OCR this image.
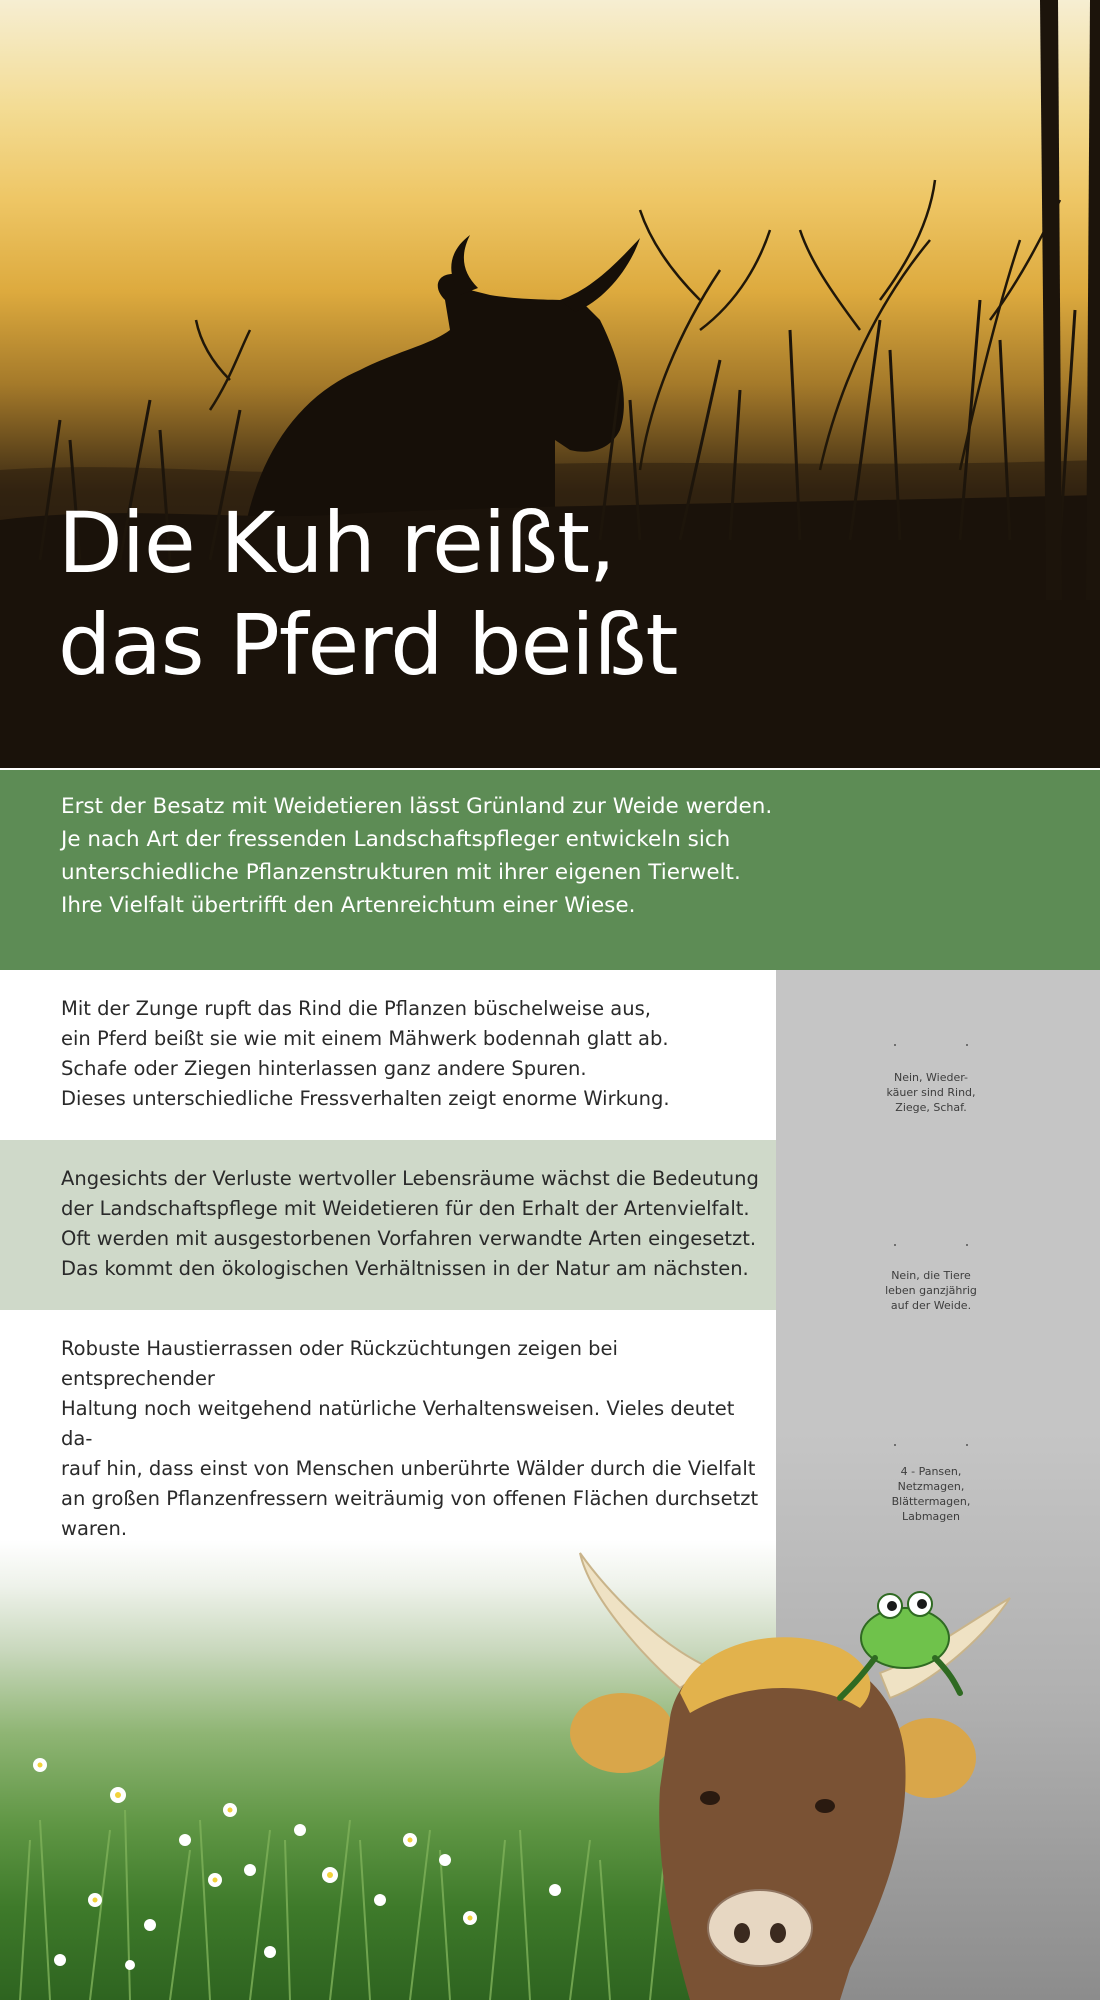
Die Kuh reißt,
das Pferd beißt

Erst der Besatz mit Weidetieren lässt Grünland zur Weide werden.
Je nach Art der fressenden Landschaftspfleger entwickeln sich
unterschiedliche Pflanzenstrukturen mit ihrer eigenen Tierwelt.
Ihre Vielfalt übertrifft den Artenreichtum einer Wiese.

Mit der Zunge rupft das Rind die Pflanzen büschelweise aus,
ein Pferd beißt sie wie mit einem Mähwerk bodennah glatt ab.
Schafe oder Ziegen hinterlassen ganz andere Spuren.
Dieses unterschiedliche Fressverhalten zeigt enorme Wirkung.

Angesichts der Verluste wertvoller Lebensräume wächst die Bedeutung
der Landschaftspflege mit Weidetieren für den Erhalt der Artenvielfalt.
Oft werden mit ausgestorbenen Vorfahren verwandte Arten eingesetzt.
Das kommt den ökologischen Verhältnissen in der Natur am nächsten.

Robuste Haustierrassen oder Rückzüchtungen zeigen bei entsprechender
Haltung noch weitgehend natürliche Verhaltensweisen. Vieles deutet da-
rauf hin, dass einst von Menschen unberührte Wälder durch die Vielfalt
an großen Pflanzenfressern weiträumig von offenen Flächen durchsetzt
waren.

Nein, Wieder-
käuer sind Rind,
Ziege, Schaf.
Nein, die Tiere
leben ganzjährig
auf der Weide.
4 - Pansen,
Netzmagen,
Blättermagen,
Labmagen
